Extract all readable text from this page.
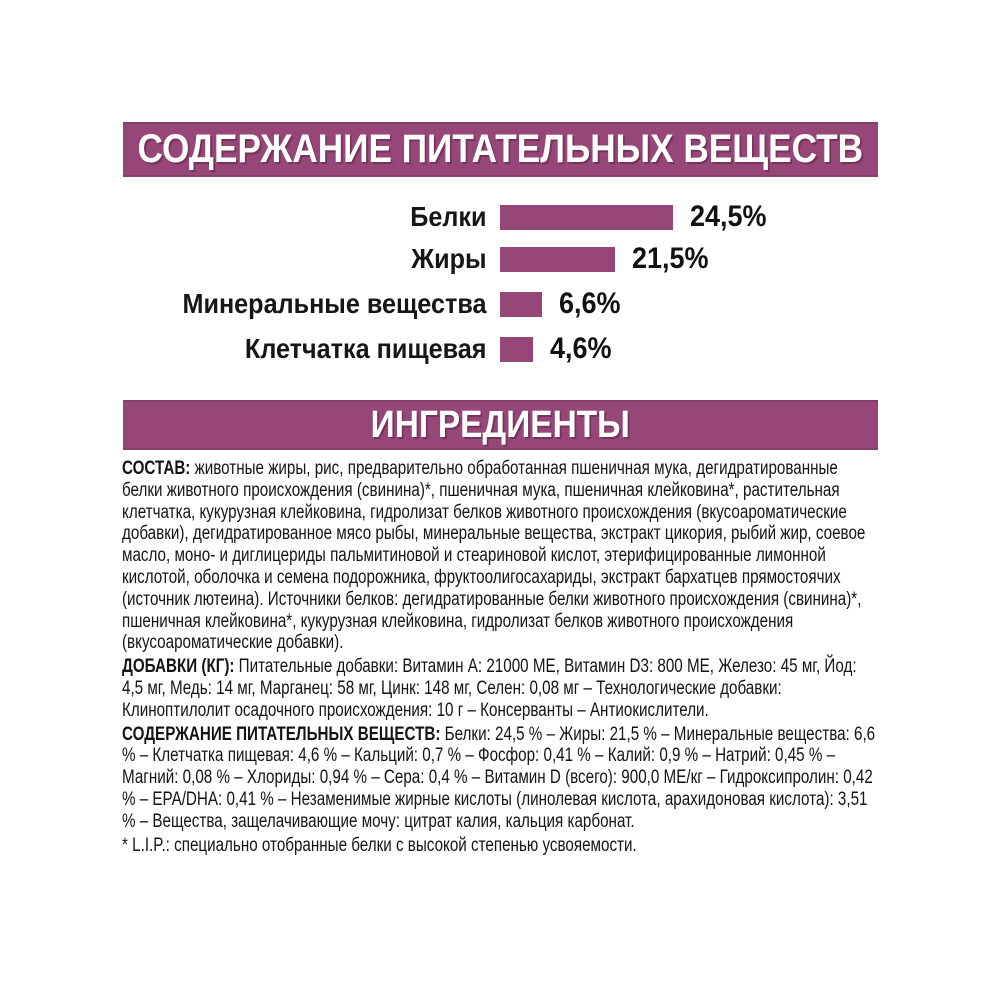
СОДЕРЖАНИЕ ПИТАТЕЛЬНЫХ ВЕЩЕСТВ
Белки	24,5%
Жиры	21,5%
Минеральные вещества	6,6%
Клетчатка пищевая	4,6%
ИНГРЕДИЕНТЫ

СОСТАВ: животные жиры, рис, предварительно обработанная пшеничная мука, дегидратированные белки животного происхождения (свинина)*, пшеничная мука, пшеничная клейковина*, растительная клетчатка, кукурузная клейковина, гидролизат белков животного происхождения (вкусоароматические добавки), дегидратированное мясо рыбы, минеральные вещества, экстракт цикория, рыбий жир, соевое масло, моно- и диглицериды пальмитиновой и стеариновой кислот, этерифицированные лимонной кислотой, оболочка и семена подорожника, фруктоолигосахариды, экстракт бархатцев прямостоячих (источник лютеина). Источники белков: дегидратированные белки животного происхождения (свинина)*, пшеничная клейковина*, кукурузная клейковина, гидролизат белков животного происхождения (вкусоароматические добавки).

ДОБАВКИ (КГ): Питательные добавки: Витамин A: 21000 МЕ, Витамин D3: 800 МЕ, Железо: 45 мг, Йод: 4,5 мг, Медь: 14 мг, Марганец: 58 мг, Цинк: 148 мг, Селен: 0,08 мг – Технологические добавки: Клиноптилолит осадочного происхождения: 10 г – Консерванты – Антиокислители.

СОДЕРЖАНИЕ ПИТАТЕЛЬНЫХ ВЕЩЕСТВ: Белки: 24,5 % – Жиры: 21,5 % – Минеральные вещества: 6,6 % – Клетчатка пищевая: 4,6 % – Кальций: 0,7 % – Фосфор: 0,41 % – Калий: 0,9 % – Натрий: 0,45 % – Магний: 0,08 % – Хлориды: 0,94 % – Сера: 0,4 % – Витамин D (всего): 900,0 МЕ/кг – Гидроксипролин: 0,42 % – EPA/DHA: 0,41 % – Незаменимые жирные кислоты (линолевая кислота, арахидоновая кислота): 3,51 % – Вещества, защелачивающие мочу: цитрат калия, кальция карбонат.

* L.I.P.: специально отобранные белки с высокой степенью усвояемости.
